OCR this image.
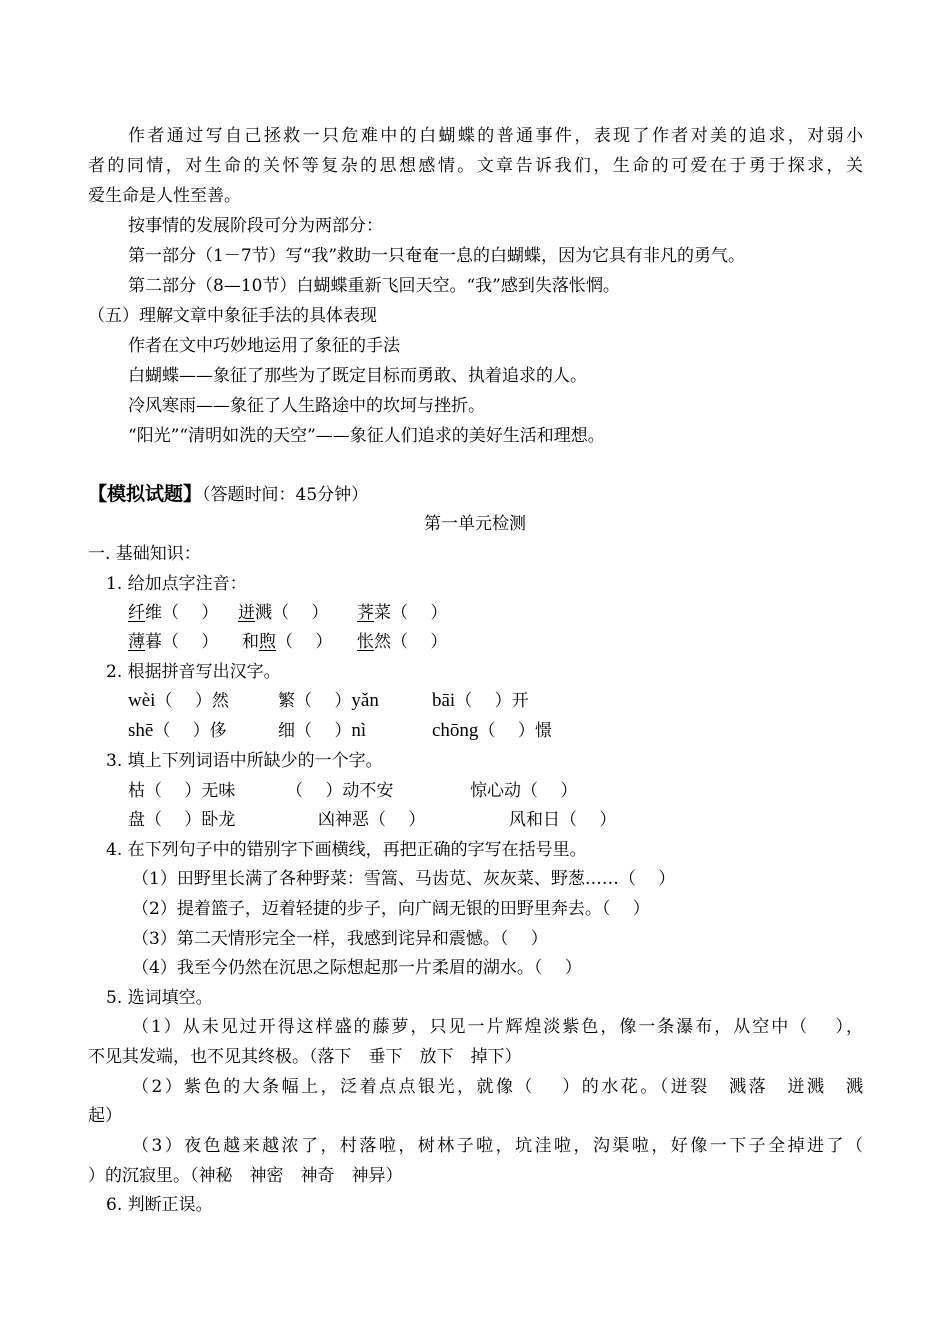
作者通过写自己拯救一只危难中的白蝴蝶的普通事件，表现了作者对美的追求，对弱小
者的同情，对生命的关怀等复杂的思想感情。文章告诉我们，生命的可爱在于勇于探求，关
爱生命是人性至善。
按事情的发展阶段可分为两部分：
第一部分（1－7节）写“我”救助一只奄奄一息的白蝴蝶，因为它具有非凡的勇气。
第二部分（8—10节）白蝴蝶重新飞回天空。“我”感到失落怅惘。
（五）理解文章中象征手法的具体表现
作者在文中巧妙地运用了象征的手法
白蝴蝶——象征了那些为了既定目标而勇敢、执着追求的人。
冷风寒雨——象征了人生路途中的坎坷与挫折。
“阳光”“清明如洗的天空”——象征人们追求的美好生活和理想。
【模拟试题】（答题时间：45分钟）
第一单元检测
一. 基础知识：
1. 给加点字注音：
纤维（　 ） 迸溅（　 ） 荠菜（　 ）
薄暮（　 ） 和煦（　 ） 怅然（　 ）
2. 根据拼音写出汉字。
wèi（　 ）然	繁（　 ）yǎn	bāi（　 ）开
shē（　 ）侈	细（　 ）nì	chōng（　 ）憬
3. 填上下列词语中所缺少的一个字。
枯（　 ）无味	（　 ）动不安	惊心动（　 ）
盘（　 ）卧龙	凶神恶（　 ）	风和日（　 ）
4. 在下列句子中的错别字下画横线，再把正确的字写在括号里。
（1）田野里长满了各种野菜：雪篙、马齿苋、灰灰菜、野葱……（　 ）
（2）提着篮子，迈着轻捷的步子，向广阔无银的田野里奔去。（　 ）
（3）第二天情形完全一样，我感到诧异和震憾。（　 ）
（4）我至今仍然在沉思之际想起那一片柔眉的湖水。（　 ）
5. 选词填空。
（1）从未见过开得这样盛的藤萝，只见一片辉煌淡紫色，像一条瀑布，从空中（　 ），
不见其发端，也不见其终极。（落下　垂下　放下　掉下）
（2）紫色的大条幅上，泛着点点银光，就像（　 ）的水花。（迸裂　溅落　迸溅　溅
起）
（3）夜色越来越浓了，村落啦，树林子啦，坑洼啦，沟渠啦，好像一下子全掉进了（
）的沉寂里。（神秘　神密　神奇　神异）
6. 判断正误。
